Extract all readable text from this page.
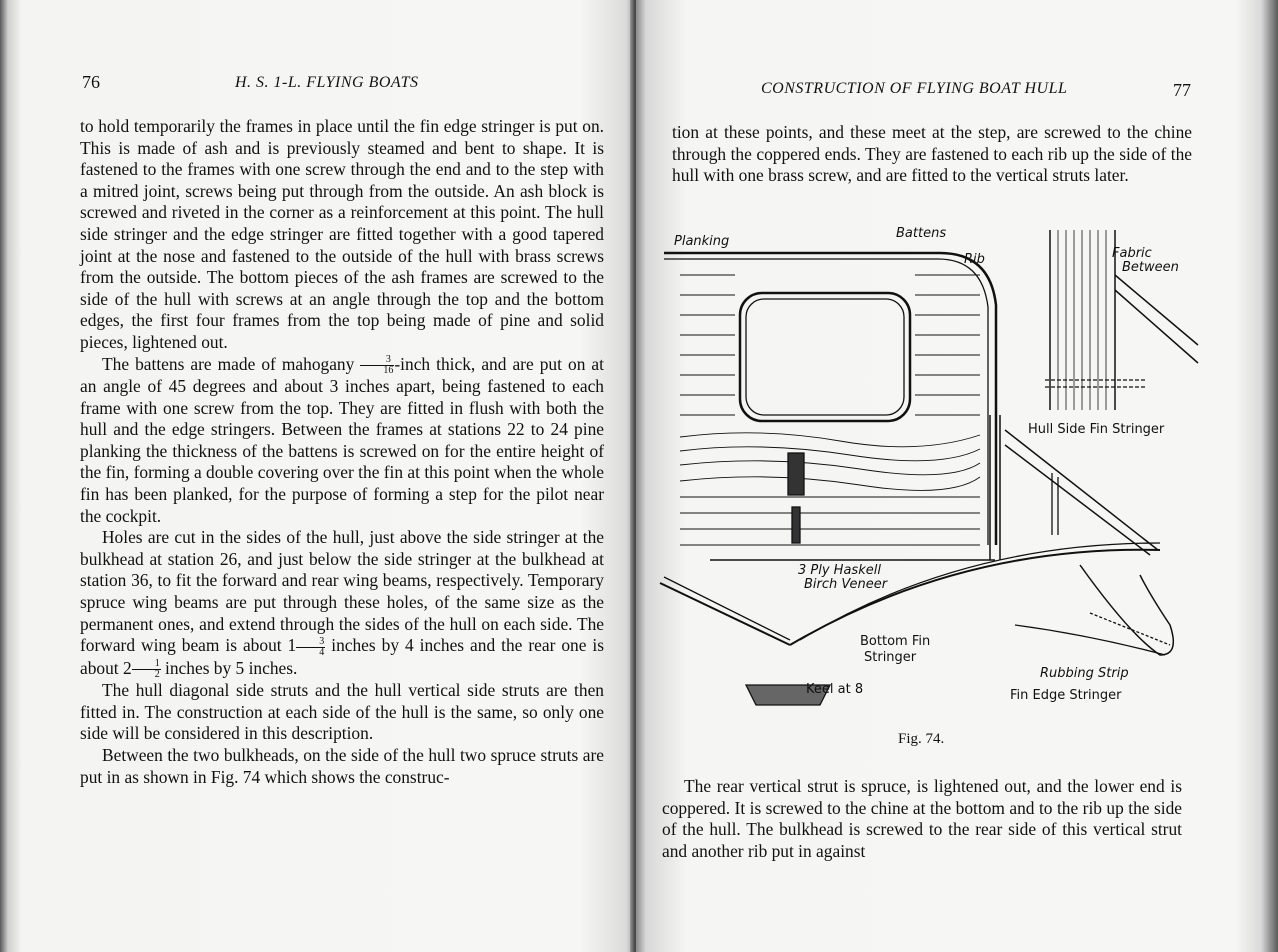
76	H. S. 1-L. FLYING BOATS

to hold temporarily the frames in place until the fin edge stringer is put on. This is made of ash and is previously steamed and bent to shape. It is fastened to the frames with one screw through the end and to the step with a mitred joint, screws being put through from the outside. An ash block is screwed and riveted in the corner as a reinforcement at this point. The hull side stringer and the edge stringer are fitted together with a good tapered joint at the nose and fastened to the outside of the hull with brass screws from the outside. The bottom pieces of the ash frames are screwed to the side of the hull with screws at an angle through the top and the bottom edges, the first four frames from the top being made of pine and solid pieces, lightened out.

The battens are made of mahogany $\frac{3}{16}$ -inch thick, and are put on at an angle of 45 degrees and about 3 inches apart, being fastened to each frame with one screw from the top. They are fitted in flush with both the hull and the edge stringers. Between the frames at stations 22 to 24 pine planking the thickness of the battens is screwed on for the entire height of the fin, forming a double covering over the fin at this point when the whole fin has been planked, for the purpose of forming a step for the pilot near the cockpit.

Holes are cut in the sides of the hull, just above the side stringer at the bulkhead at station 26, and just below the side stringer at the bulkhead at station 36, to fit the forward and rear wing beams, respectively. Temporary spruce wing beams are put through these holes, of the same size as the permanent ones, and extend through the sides of the hull on each side. The forward wing beam is about $1 \frac{3}{4}$ inches by 4 inches and the rear one is about $2 \frac{1}{2}$ inches by 5 inches.

The hull diagonal side struts and the hull vertical side struts are then fitted in. The construction at each side of the hull is the same, so only one side will be considered in this description.

Between the two bulkheads, on the side of the hull two spruce struts are put in as shown in Fig. 74 which shows the construc-

CONSTRUCTION OF FLYING BOAT HULL	77

tion at these points, and these meet at the step, are screwed to the chine through the coppered ends. They are fastened to each rib up the side of the hull with one brass screw, and are fitted to the vertical struts later.

Planking
Battens
Rib	Fabric
Between
Hull Side Fin Stringer
3 Ply Haskell
Birch Veneer
Bottom Fin
Stringer
Rubbing Strip
Fin Edge Stringer
Keel at 8
Fig. 74.

The rear vertical strut is spruce, is lightened out, and the lower end is coppered. It is screwed to the chine at the bottom and to the rib up the side of the hull. The bulkhead is screwed to the rear side of this vertical strut and another rib put in against
